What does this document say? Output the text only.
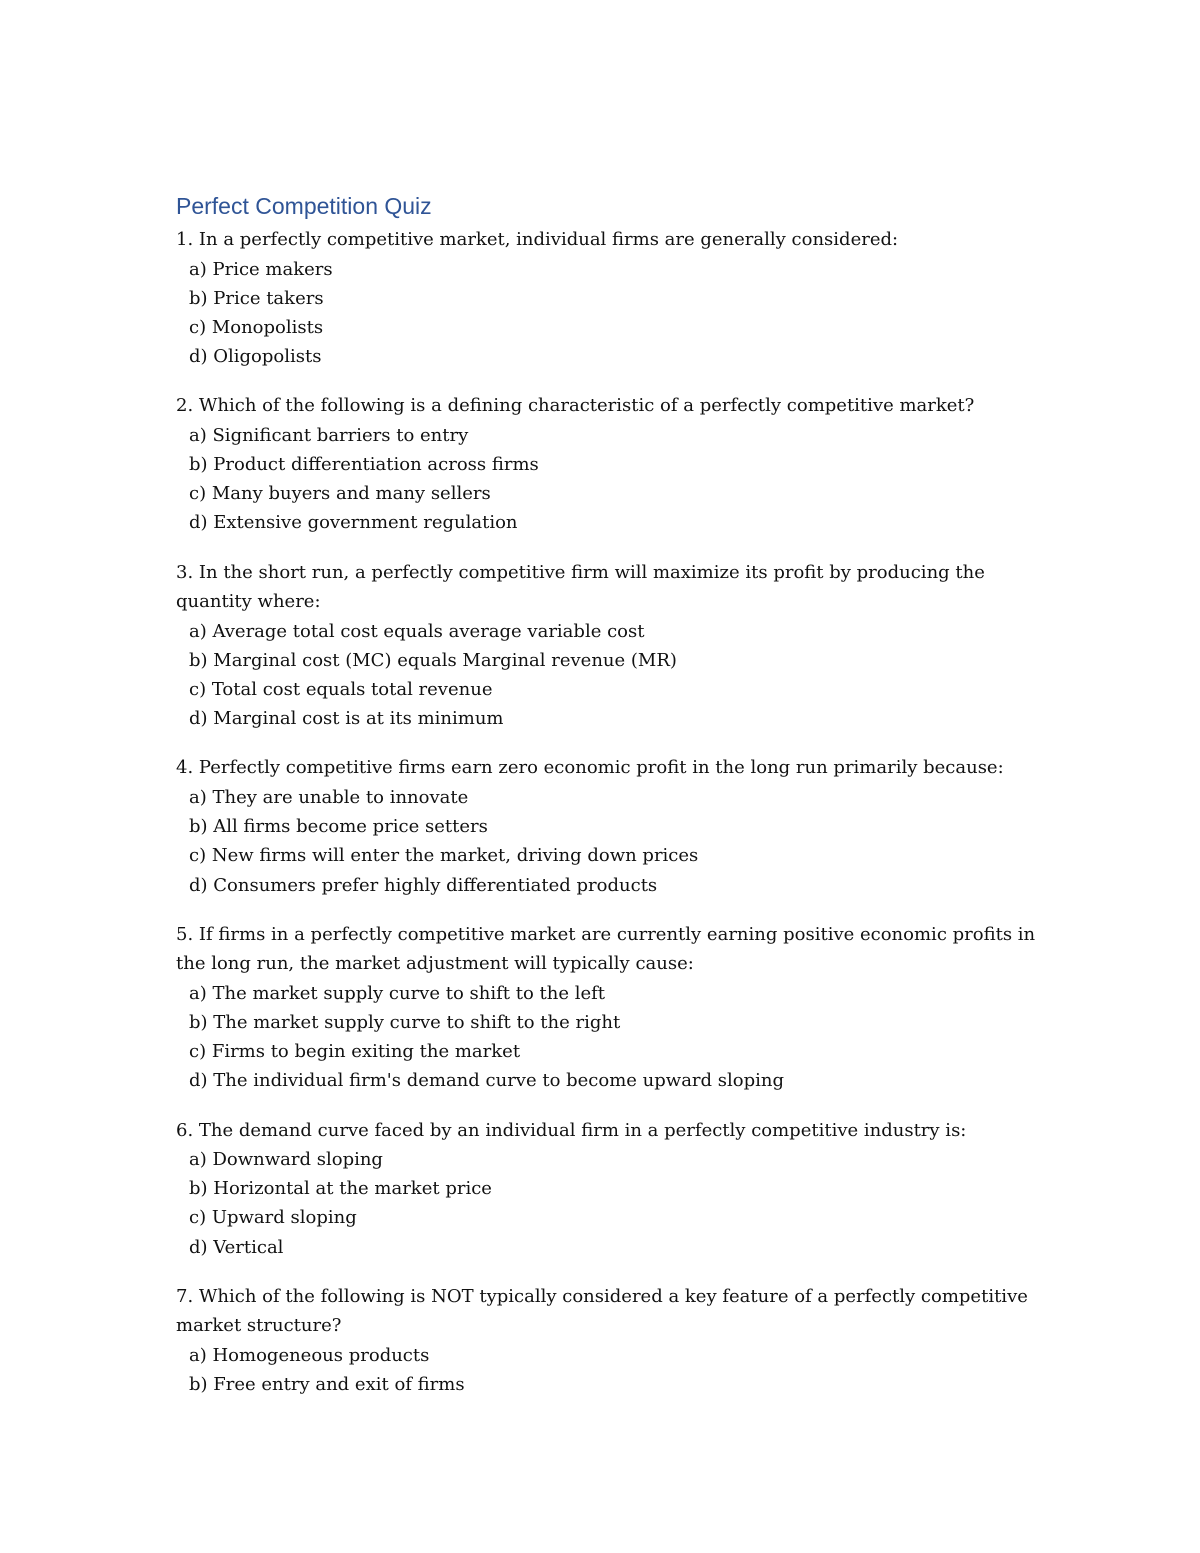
Perfect Competition Quiz

1. In a perfectly competitive market, individual firms are generally considered:

a) Price makers
b) Price takers
c) Monopolists
d) Oligopolists

2. Which of the following is a defining characteristic of a perfectly competitive market?

a) Significant barriers to entry
b) Product differentiation across firms
c) Many buyers and many sellers
d) Extensive government regulation

3. In the short run, a perfectly competitive firm will maximize its profit by producing the quantity where:

a) Average total cost equals average variable cost
b) Marginal cost (MC) equals Marginal revenue (MR)
c) Total cost equals total revenue
d) Marginal cost is at its minimum

4. Perfectly competitive firms earn zero economic profit in the long run primarily because:

a) They are unable to innovate
b) All firms become price setters
c) New firms will enter the market, driving down prices
d) Consumers prefer highly differentiated products

5. If firms in a perfectly competitive market are currently earning positive economic profits in the long run, the market adjustment will typically cause:

a) The market supply curve to shift to the left
b) The market supply curve to shift to the right
c) Firms to begin exiting the market
d) The individual firm's demand curve to become upward sloping

6. The demand curve faced by an individual firm in a perfectly competitive industry is:

a) Downward sloping
b) Horizontal at the market price
c) Upward sloping
d) Vertical

7. Which of the following is NOT typically considered a key feature of a perfectly competitive market structure?

a) Homogeneous products
b) Free entry and exit of firms
